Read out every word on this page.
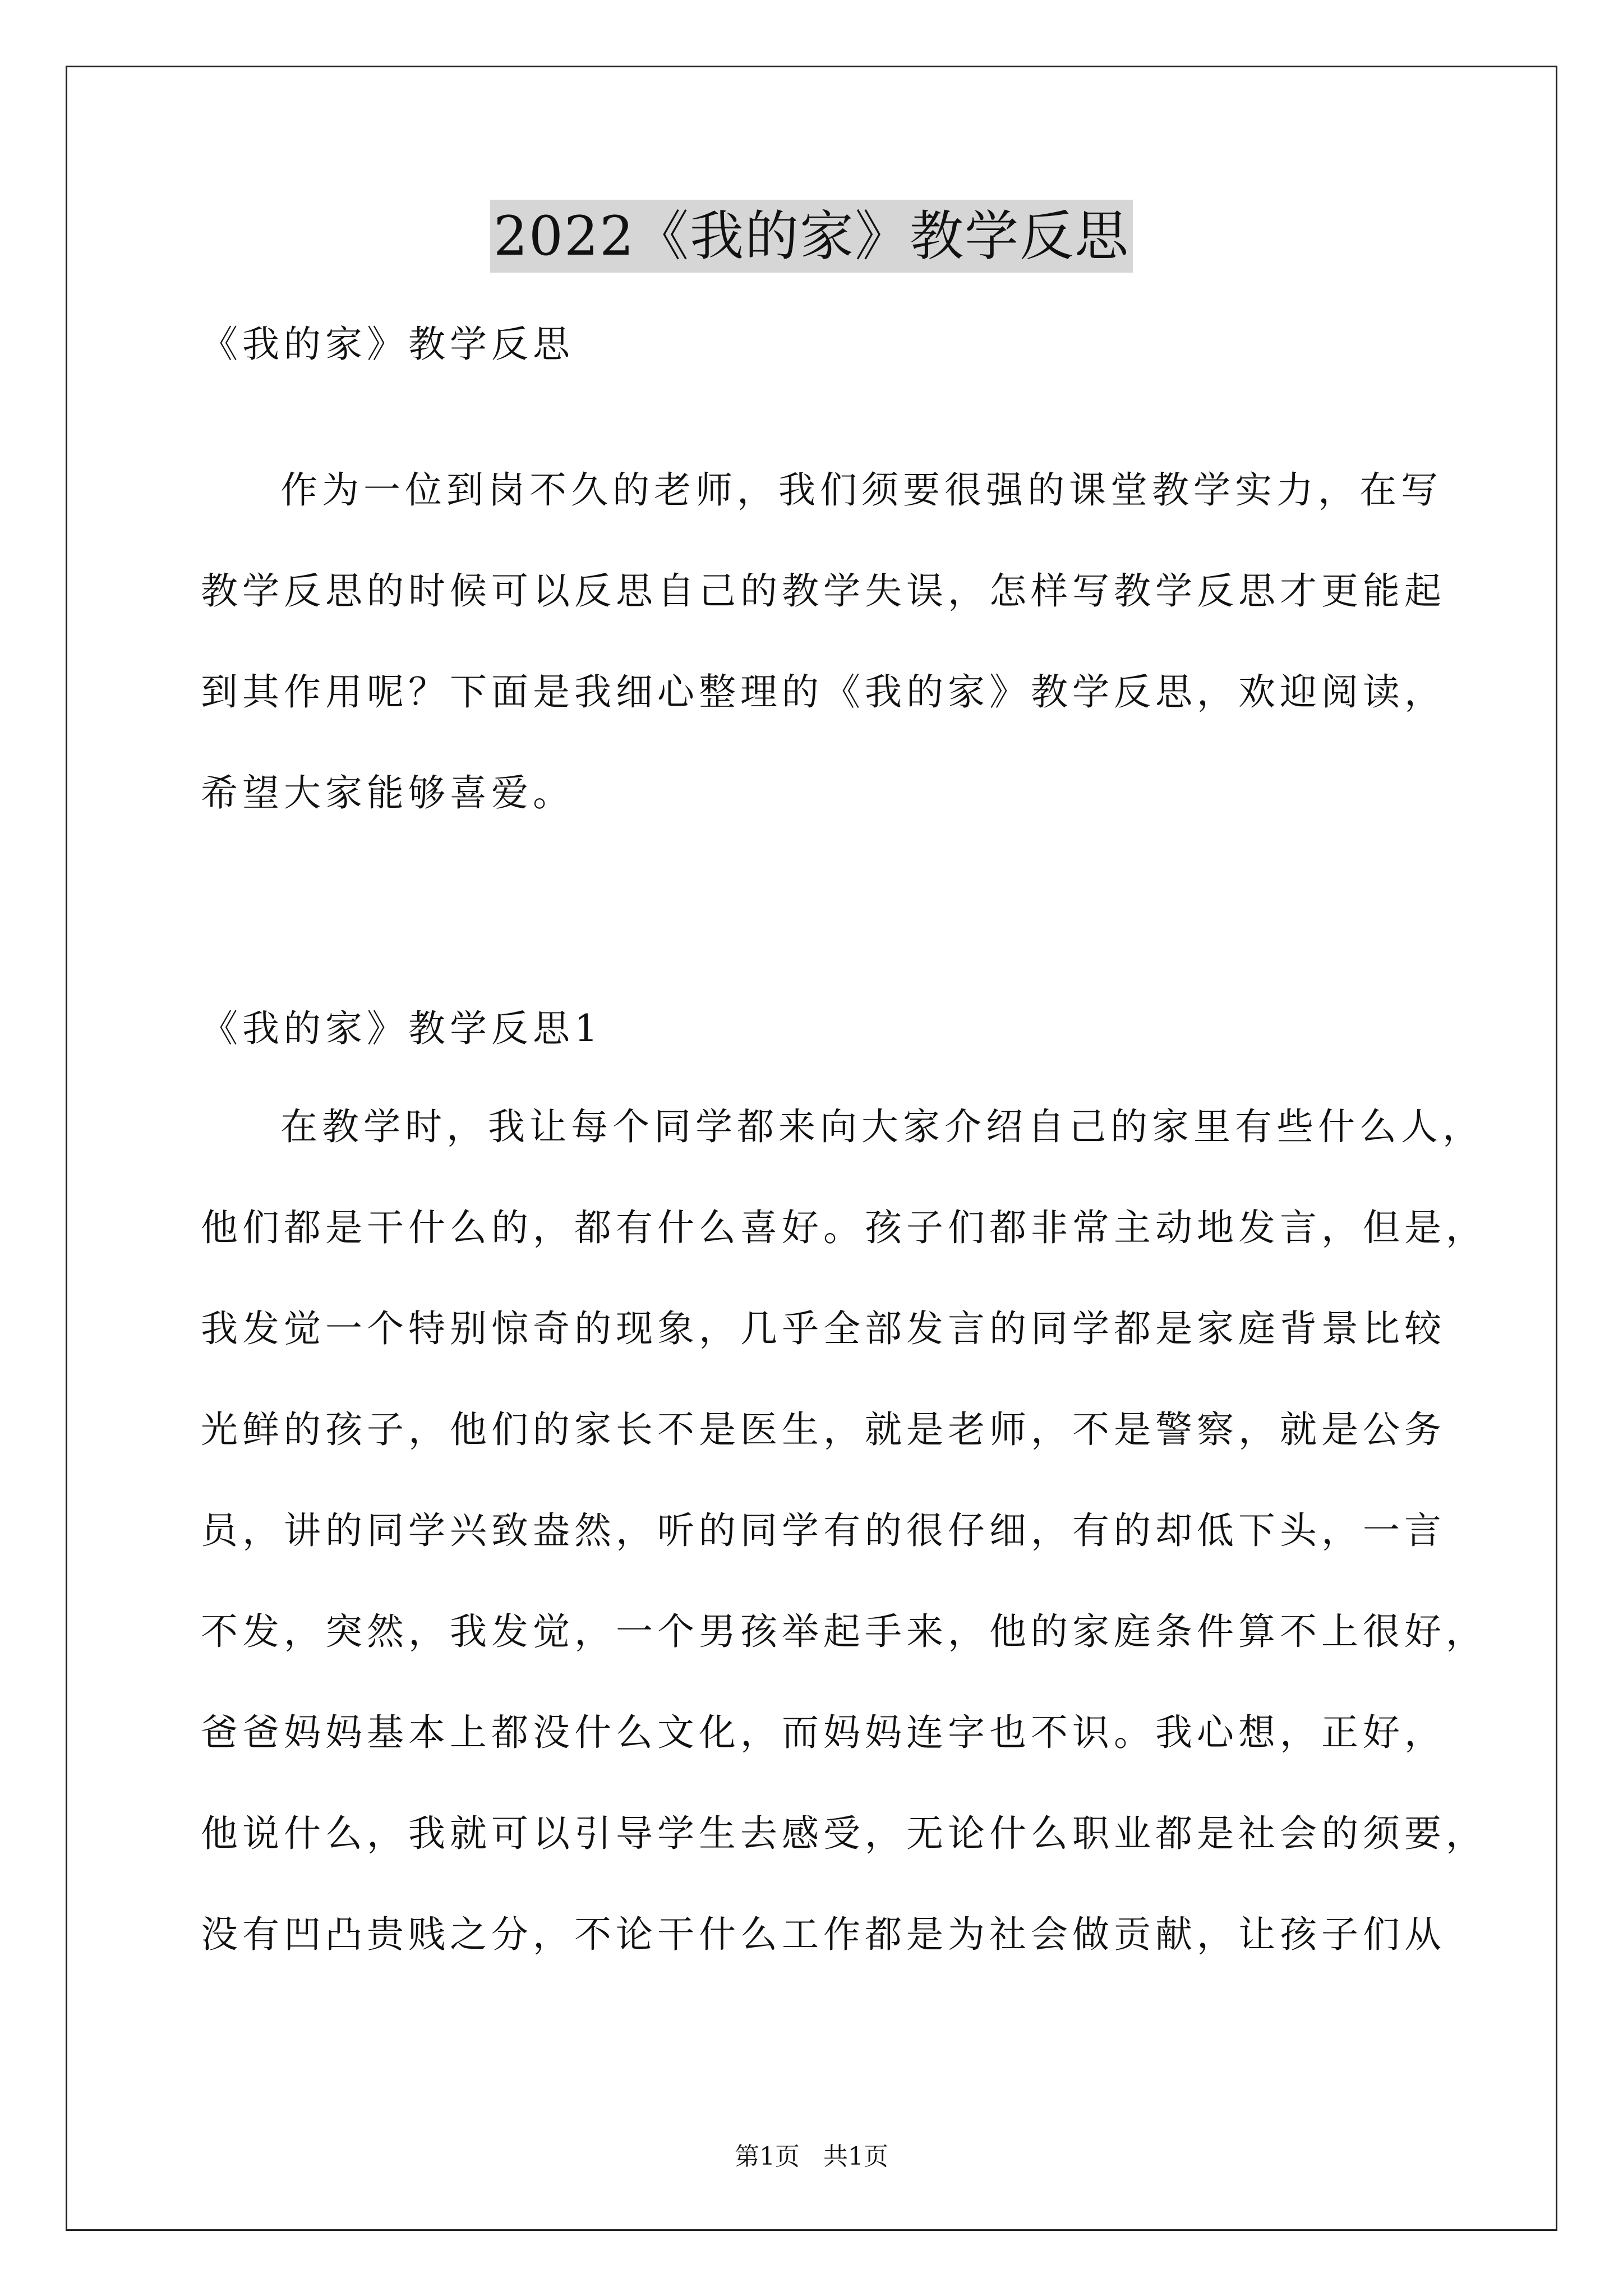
2022《我的家》教学反思
《我的家》教学反思
作为一位到岗不久的老师，我们须要很强的课堂教学实力，在写
教学反思的时候可以反思自己的教学失误，怎样写教学反思才更能起
到其作用呢？下面是我细心整理的《我的家》教学反思，欢迎阅读，
希望大家能够喜爱。
《我的家》教学反思1
在教学时，我让每个同学都来向大家介绍自己的家里有些什么人，
他们都是干什么的，都有什么喜好。孩子们都非常主动地发言，但是，
我发觉一个特别惊奇的现象，几乎全部发言的同学都是家庭背景比较
光鲜的孩子，他们的家长不是医生，就是老师，不是警察，就是公务
员，讲的同学兴致盎然，听的同学有的很仔细，有的却低下头，一言
不发，突然，我发觉，一个男孩举起手来，他的家庭条件算不上很好，
爸爸妈妈基本上都没什么文化，而妈妈连字也不识。我心想，正好，
他说什么，我就可以引导学生去感受，无论什么职业都是社会的须要，
没有凹凸贵贱之分，不论干什么工作都是为社会做贡献，让孩子们从
第1页   共1页
